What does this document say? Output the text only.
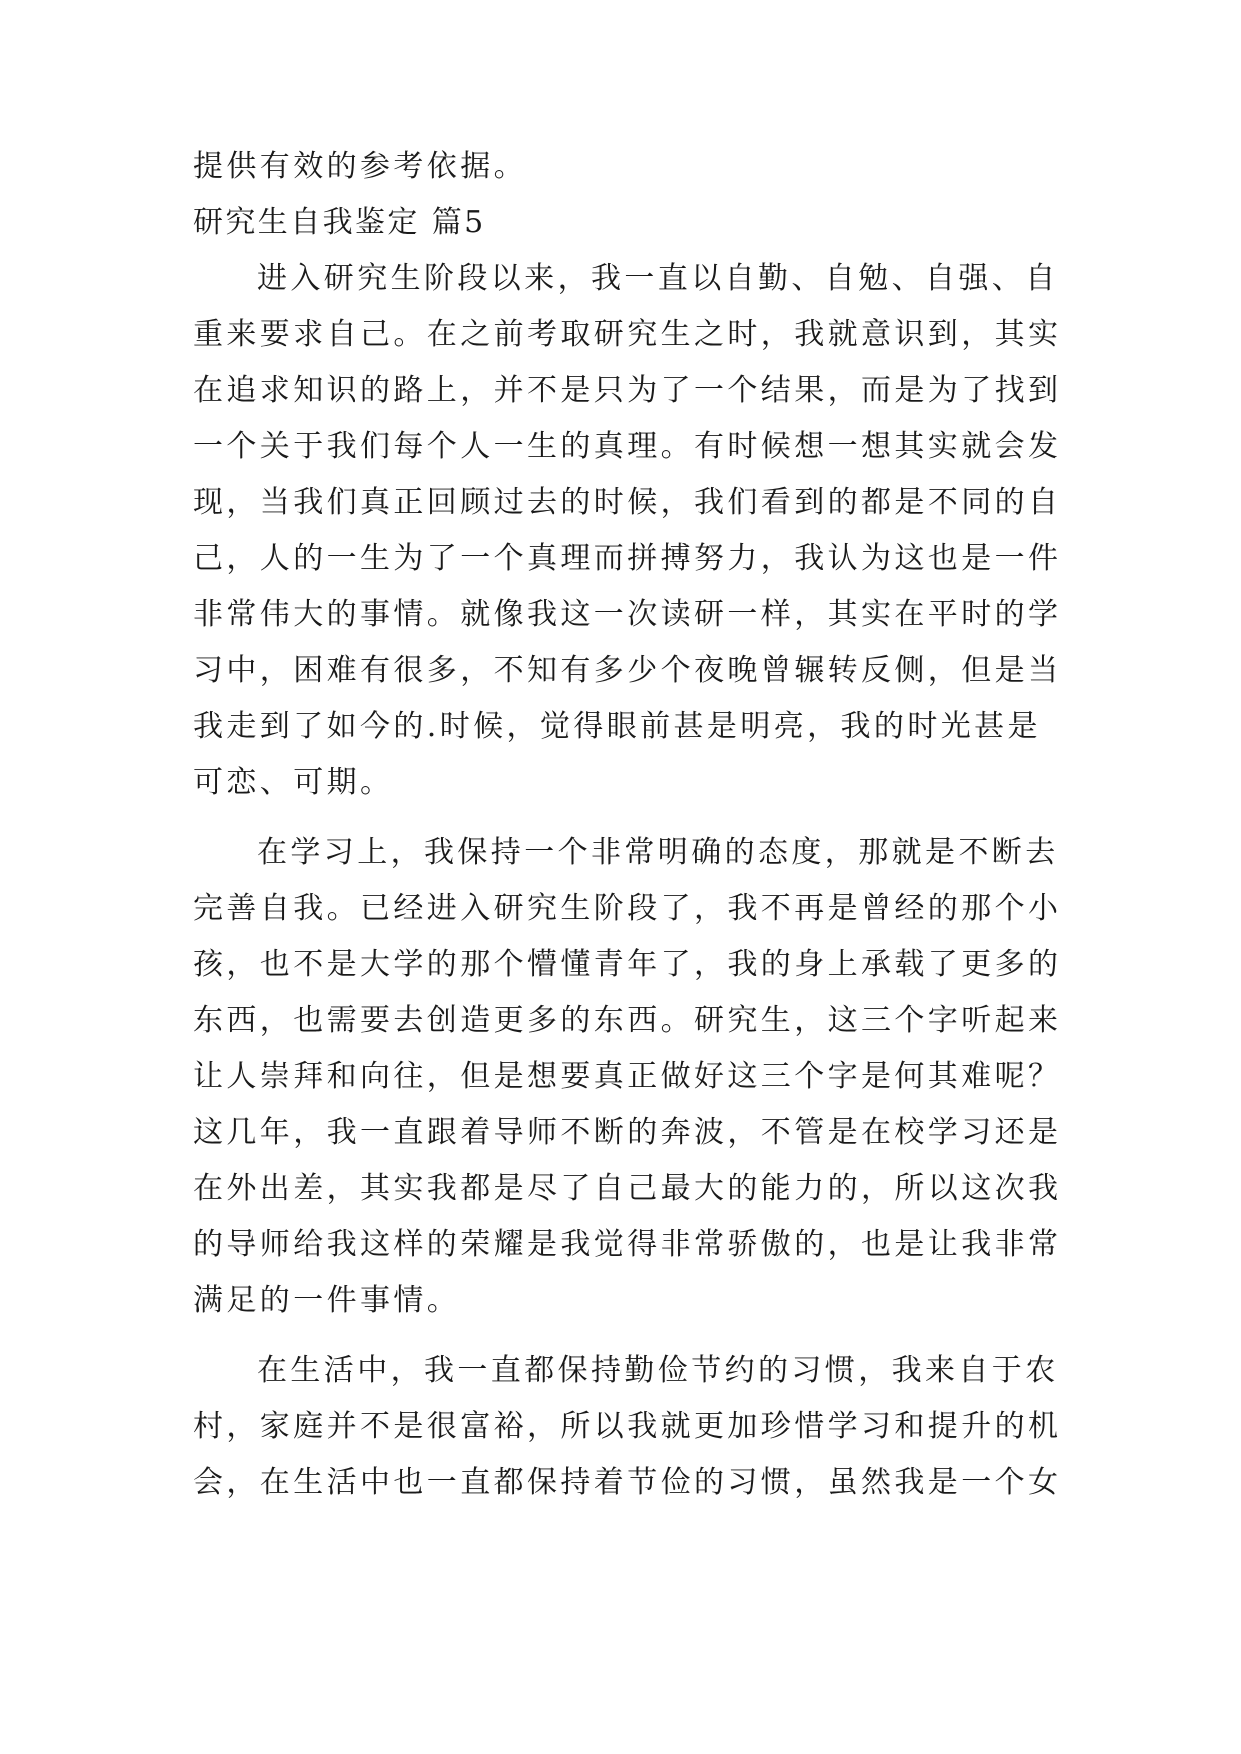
提供有效的参考依据。
研究生自我鉴定 篇5
进入研究生阶段以来，我一直以自勤、自勉、自强、自
重来要求自己。在之前考取研究生之时，我就意识到，其实
在追求知识的路上，并不是只为了一个结果，而是为了找到
一个关于我们每个人一生的真理。有时候想一想其实就会发
现，当我们真正回顾过去的时候，我们看到的都是不同的自
己，人的一生为了一个真理而拼搏努力，我认为这也是一件
非常伟大的事情。就像我这一次读研一样，其实在平时的学
习中，困难有很多，不知有多少个夜晚曾辗转反侧，但是当
我走到了如今的.时候，觉得眼前甚是明亮，我的时光甚是
可恋、可期。
在学习上，我保持一个非常明确的态度，那就是不断去
完善自我。已经进入研究生阶段了，我不再是曾经的那个小
孩，也不是大学的那个懵懂青年了，我的身上承载了更多的
东西，也需要去创造更多的东西。研究生，这三个字听起来
让人崇拜和向往，但是想要真正做好这三个字是何其难呢？
这几年，我一直跟着导师不断的奔波，不管是在校学习还是
在外出差，其实我都是尽了自己最大的能力的，所以这次我
的导师给我这样的荣耀是我觉得非常骄傲的，也是让我非常
满足的一件事情。
在生活中，我一直都保持勤俭节约的习惯，我来自于农
村，家庭并不是很富裕，所以我就更加珍惜学习和提升的机
会，在生活中也一直都保持着节俭的习惯，虽然我是一个女
